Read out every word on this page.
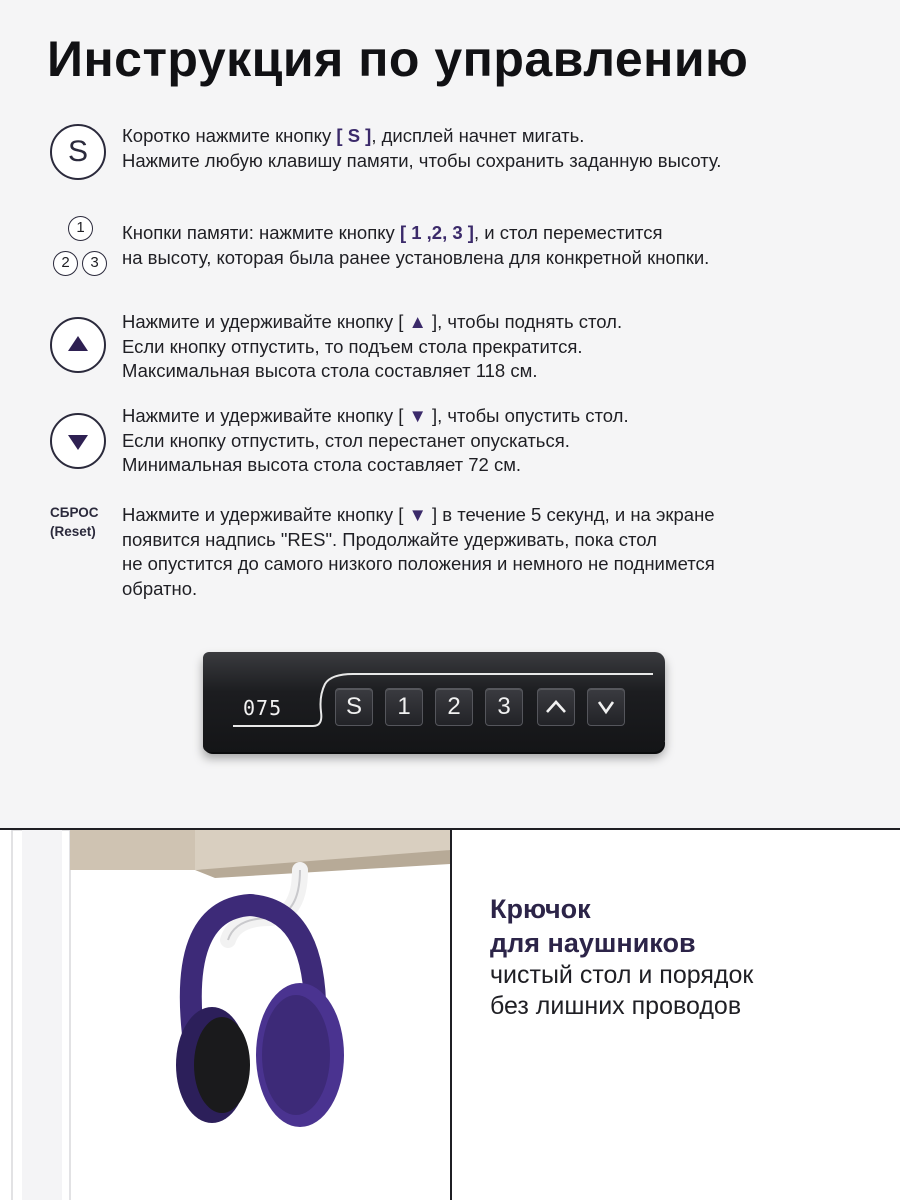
Инструкция по управлению
S Коротко нажмите кнопку [ S ], дисплей начнет мигать.
Нажмите любую клавишу памяти, чтобы сохранить заданную высоту.
1
2	3
Кнопки памяти: нажмите кнопку [ 1 ,2, 3 ], и стол переместится
на высоту, которая была ранее установлена для конкретной кнопки.
Нажмите и удерживайте кнопку [ ▲ ], чтобы поднять стол.
Если кнопку отпустить, то подъем стола прекратится.
Максимальная высота стола составляет 118 см.
Нажмите и удерживайте кнопку [ ▼ ], чтобы опустить стол.
Если кнопку отпустить, стол перестанет опускаться.
Минимальная высота стола составляет 72 см.
СБРОС
(Reset)
Нажмите и удерживайте кнопку [ ▼ ] в течение 5 секунд, и на экране
появится надпись "RES". Продолжайте удерживать, пока стол
не опустится до самого низкого положения и немного не поднимется
обратно.
075	S	1	2	3
Крючок
для наушников
чистый стол и порядок
без лишних проводов
